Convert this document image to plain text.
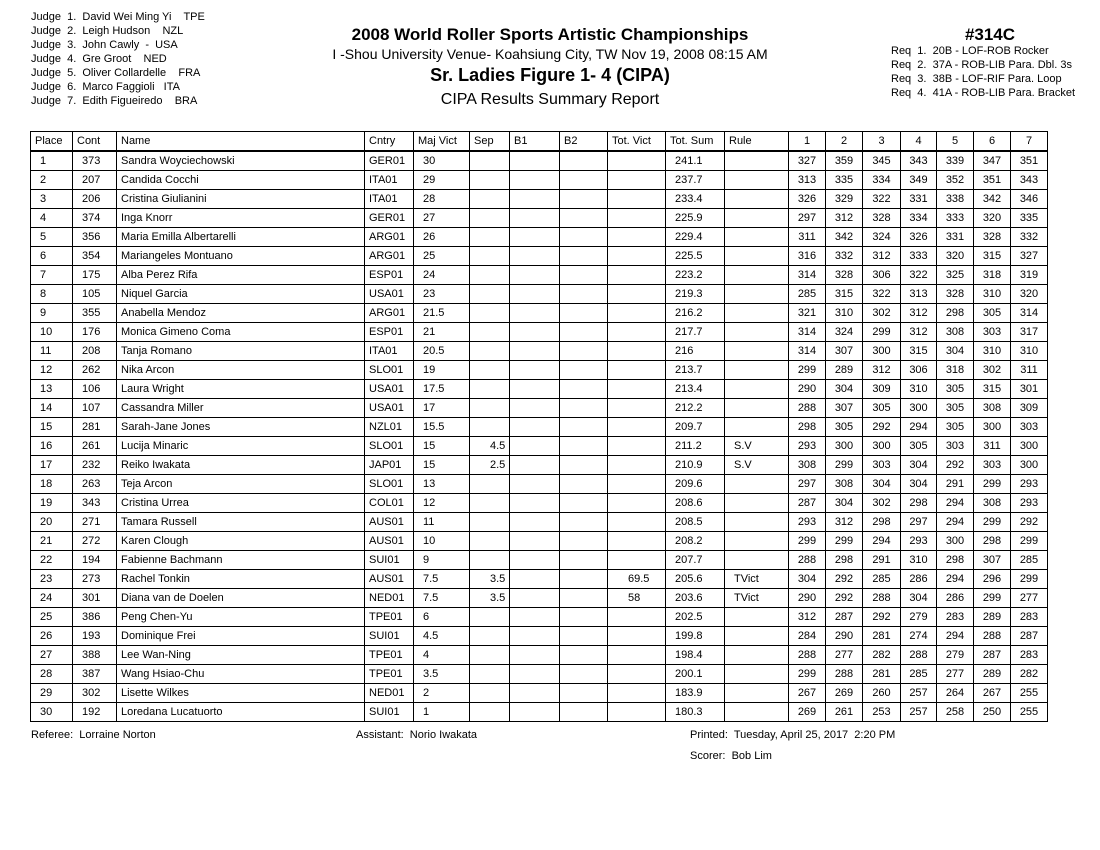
Judge  1.  David Wei Ming Yi    TPE
Judge  2.  Leigh Hudson    NZL
Judge  3.  John Cawly  -  USA
Judge  4.  Gre Groot    NED
Judge  5.  Oliver Collardelle    FRA
Judge  6.  Marco Faggioli   ITA
Judge  7.  Edith Figueiredo    BRA
2008 World Roller Sports Artistic Championships
I -Shou University Venue- Koahsiung City, TW Nov 19, 2008 08:15 AM
Sr. Ladies Figure 1- 4 (CIPA)
CIPA Results Summary Report
#314C
Req  1.  20B - LOF-ROB Rocker
Req  2.  37A - ROB-LIB Para. Dbl. 3s
Req  3.  38B - LOF-RIF Para. Loop
Req  4.  41A - ROB-LIB Para. Bracket
Place	Cont	Name	Cntry	Maj Vict	Sep	B1	B2	Tot. Vict	Tot. Sum	Rule	1	2	3	4	5	6	7
1	373	Sandra Woyciechowski	GER01	30					241.1		327	359	345	343	339	347	351
2	207	Candida Cocchi	ITA01	29					237.7		313	335	334	349	352	351	343
3	206	Cristina Giulianini	ITA01	28					233.4		326	329	322	331	338	342	346
4	374	Inga Knorr	GER01	27					225.9		297	312	328	334	333	320	335
5	356	Maria Emilla Albertarelli	ARG01	26					229.4		311	342	324	326	331	328	332
6	354	Mariangeles Montuano	ARG01	25					225.5		316	332	312	333	320	315	327
7	175	Alba Perez Rifa	ESP01	24					223.2		314	328	306	322	325	318	319
8	105	Niquel Garcia	USA01	23					219.3		285	315	322	313	328	310	320
9	355	Anabella Mendoz	ARG01	21.5					216.2		321	310	302	312	298	305	314
10	176	Monica Gimeno Coma	ESP01	21					217.7		314	324	299	312	308	303	317
11	208	Tanja Romano	ITA01	20.5					216		314	307	300	315	304	310	310
12	262	Nika Arcon	SLO01	19					213.7		299	289	312	306	318	302	311
13	106	Laura Wright	USA01	17.5					213.4		290	304	309	310	305	315	301
14	107	Cassandra Miller	USA01	17					212.2		288	307	305	300	305	308	309
15	281	Sarah-Jane Jones	NZL01	15.5					209.7		298	305	292	294	305	300	303
16	261	Lucija Minaric	SLO01	15	4.5				211.2	S.V	293	300	300	305	303	311	300
17	232	Reiko Iwakata	JAP01	15	2.5				210.9	S.V	308	299	303	304	292	303	300
18	263	Teja Arcon	SLO01	13					209.6		297	308	304	304	291	299	293
19	343	Cristina Urrea	COL01	12					208.6		287	304	302	298	294	308	293
20	271	Tamara Russell	AUS01	11					208.5		293	312	298	297	294	299	292
21	272	Karen Clough	AUS01	10					208.2		299	299	294	293	300	298	299
22	194	Fabienne Bachmann	SUI01	9					207.7		288	298	291	310	298	307	285
23	273	Rachel Tonkin	AUS01	7.5	3.5			69.5	205.6	TVict	304	292	285	286	294	296	299
24	301	Diana van de Doelen	NED01	7.5	3.5			58	203.6	TVict	290	292	288	304	286	299	277
25	386	Peng Chen-Yu	TPE01	6					202.5		312	287	292	279	283	289	283
26	193	Dominique Frei	SUI01	4.5					199.8		284	290	281	274	294	288	287
27	388	Lee Wan-Ning	TPE01	4					198.4		288	277	282	288	279	287	283
28	387	Wang Hsiao-Chu	TPE01	3.5					200.1		299	288	281	285	277	289	282
29	302	Lisette Wilkes	NED01	2					183.9		267	269	260	257	264	267	255
30	192	Loredana Lucatuorto	SUI01	1					180.3		269	261	253	257	258	250	255
Referee:  Lorraine Norton	Assistant:  Norio Iwakata	Printed:  Tuesday, April 25, 2017  2:20 PM
Scorer:  Bob Lim
